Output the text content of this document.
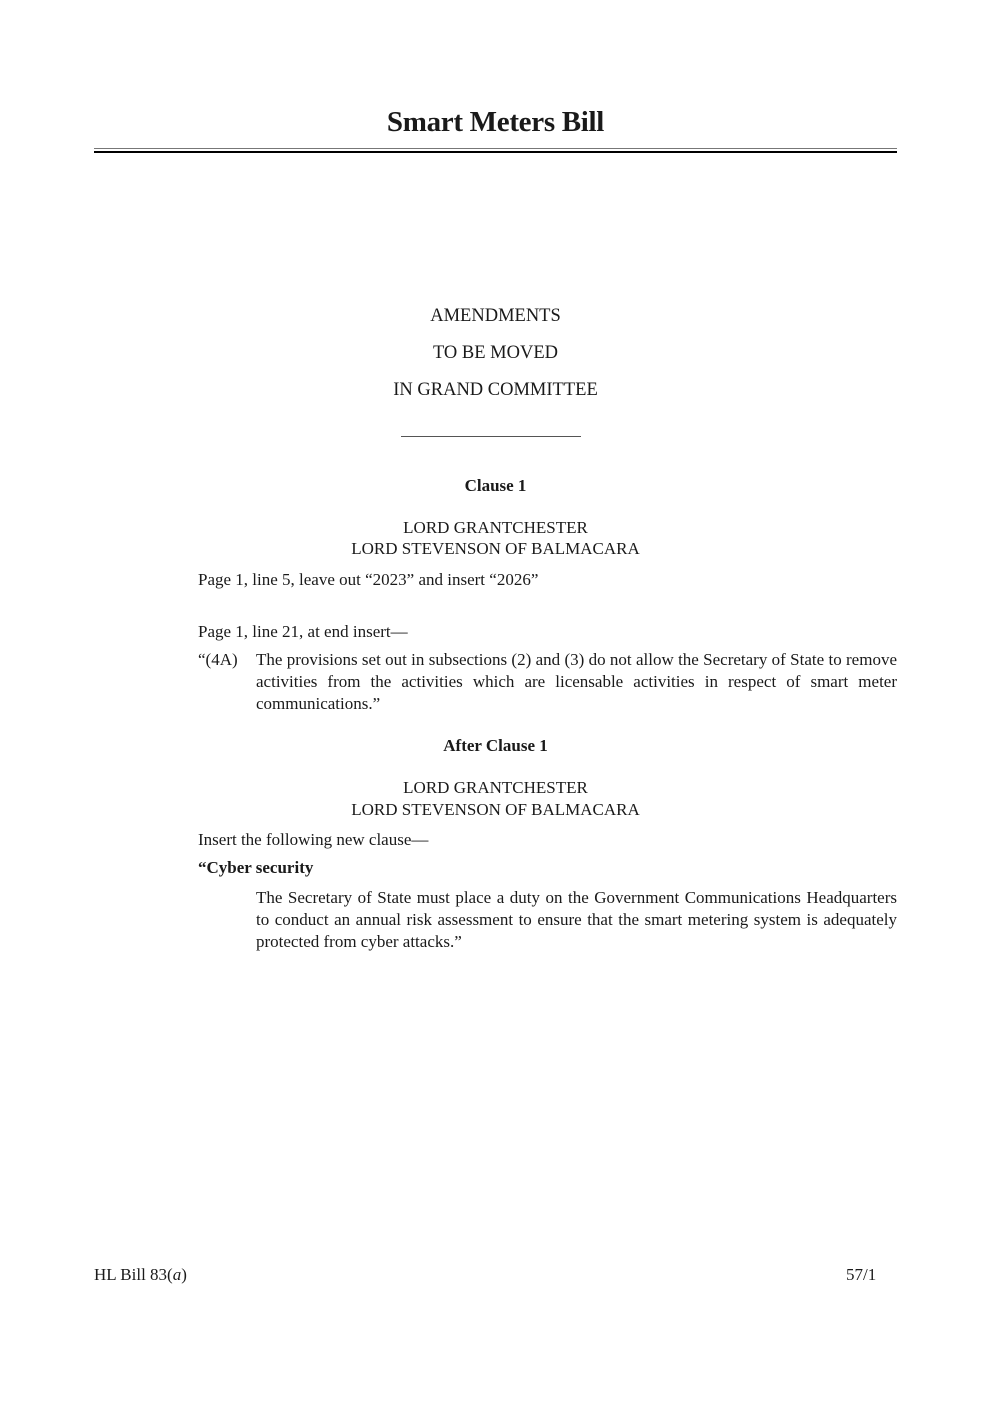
Smart Meters Bill
AMENDMENTS
TO BE MOVED
IN GRAND COMMITTEE
Clause 1
LORD GRANTCHESTER
LORD STEVENSON OF BALMACARA
Page 1, line 5, leave out “2023” and insert “2026”
Page 1, line 21, at end insert—
“(4A) The provisions set out in subsections (2) and (3) do not allow the Secretary of State to remove activities from the activities which are licensable activities in respect of smart meter communications.”
After Clause 1
LORD GRANTCHESTER
LORD STEVENSON OF BALMACARA
Insert the following new clause—
“Cyber security
The Secretary of State must place a duty on the Government Communications Headquarters to conduct an annual risk assessment to ensure that the smart metering system is adequately protected from cyber attacks.”
HL Bill 83(a)	57/1
